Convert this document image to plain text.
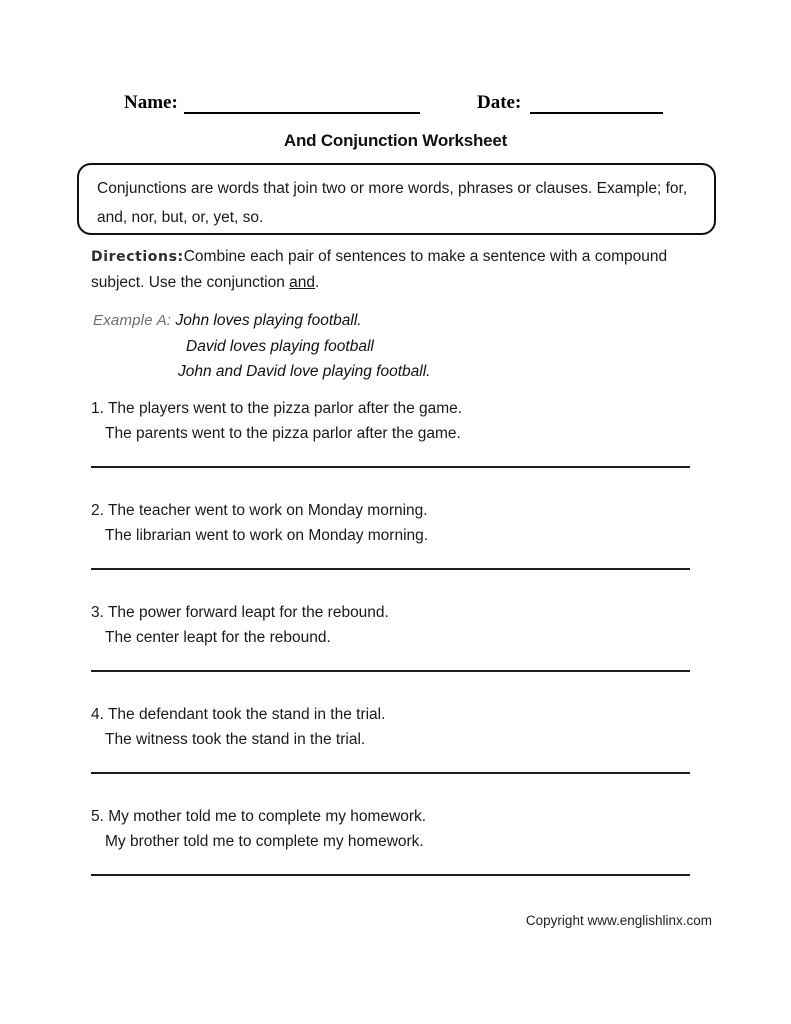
Name:	Date:
And Conjunction Worksheet
Conjunctions are words that join two or more words, phrases or clauses. Example; for, and, nor, but, or, yet, so.
Directions:Combine each pair of sentences to make a sentence with a compound subject. Use the conjunction and.
Example A: John loves playing football.
David loves playing football
John and David love playing football.
1. The players went to the pizza parlor after the game.
The parents went to the pizza parlor after the game.
2. The teacher went to work on Monday morning.
The librarian went to work on Monday morning.
3. The power forward leapt for the rebound.
The center leapt for the rebound.
4. The defendant took the stand in the trial.
The witness took the stand in the trial.
5. My mother told me to complete my homework.
My brother told me to complete my homework.
Copyright www.englishlinx.com
